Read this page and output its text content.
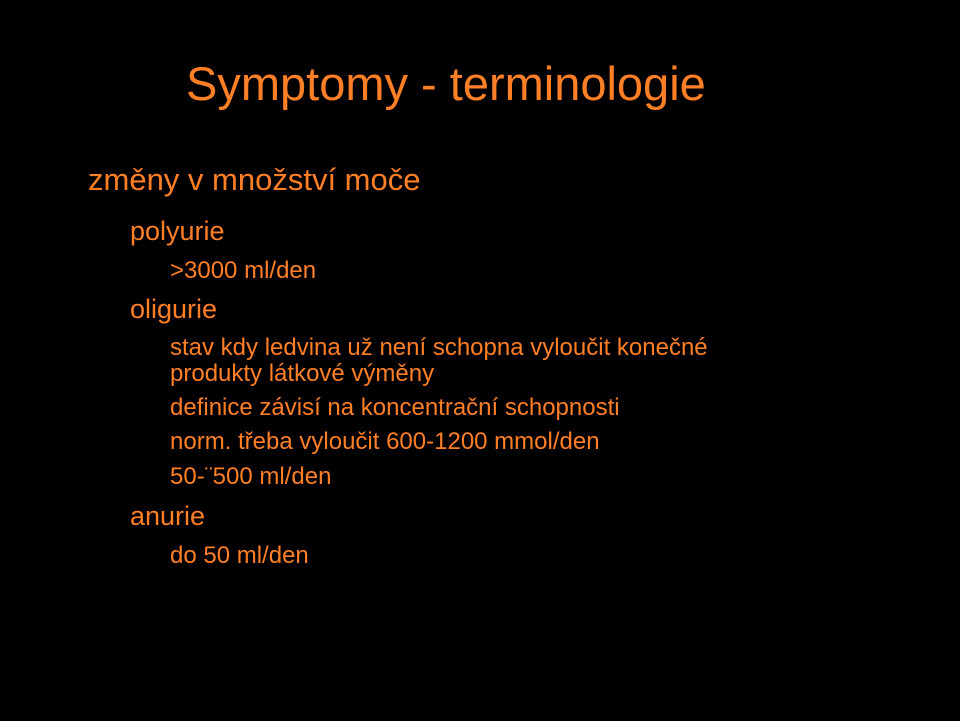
Symptomy - terminologie
změny v množství moče
polyurie
>3000 ml/den
oligurie
stav kdy ledvina už není schopna vyloučit konečné
produkty látkové výměny
definice závisí na koncentrační schopnosti
norm. třeba vyloučit 600-1200 mmol/den
50-¨500 ml/den
anurie
do 50 ml/den
